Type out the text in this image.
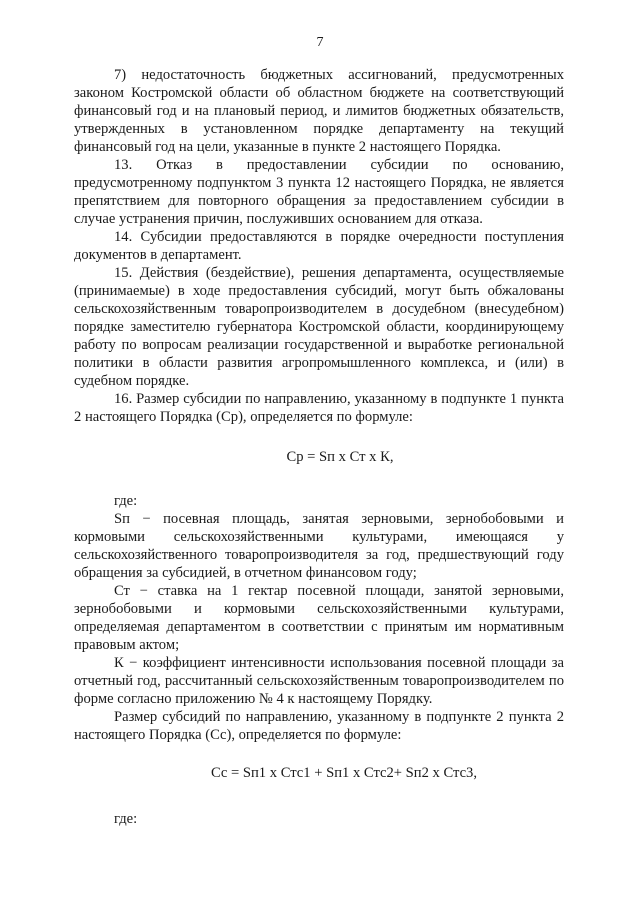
7

7) недостаточность бюджетных ассигнований, предусмотренных законом Костромской области об областном бюджете на соответствующий финансовый год и на плановый период, и лимитов бюджетных обязательств, утвержденных в установленном порядке департаменту на текущий финансовый год на цели, указанные в пункте 2 настоящего Порядка.

13. Отказ в предоставлении субсидии по основанию, предусмотренному подпунктом 3 пункта 12 настоящего Порядка, не является препятствием для повторного обращения за предоставлением субсидии в случае устранения причин, послуживших основанием для отказа.

14. Субсидии предоставляются в порядке очередности поступления документов в департамент.

15. Действия (бездействие), решения департамента, осуществляемые (принимаемые) в ходе предоставления субсидий, могут быть обжалованы сельскохозяйственным товаропроизводителем в досудебном (внесудебном) порядке заместителю губернатора Костромской области, координирующему работу по вопросам реализации государственной и выработке региональной политики в области развития агропромышленного комплекса, и (или) в судебном порядке.

16. Размер субсидии по направлению, указанному в подпункте 1 пункта 2 настоящего Порядка (Ср), определяется по формуле:

Ср = Sп х Ст х К,

где:

Sп − посевная площадь, занятая зерновыми, зернобобовыми и кормовыми сельскохозяйственными культурами, имеющаяся у сельскохозяйственного товаропроизводителя за год, предшествующий году обращения за субсидией, в отчетном финансовом году;

Ст − ставка на 1 гектар посевной площади, занятой зерновыми, зернобобовыми и кормовыми сельскохозяйственными культурами, определяемая департаментом в соответствии с принятым им нормативным правовым актом;

К − коэффициент интенсивности использования посевной площади за отчетный год, рассчитанный сельскохозяйственным товаропроизводителем по форме согласно приложению № 4 к настоящему Порядку.

Размер субсидий по направлению, указанному в подпункте 2 пункта 2 настоящего Порядка (Сс), определяется по формуле:

Сс = Sп1 х Стс1 + Sп1 х Стс2+ Sп2 х Стс3,

где:
